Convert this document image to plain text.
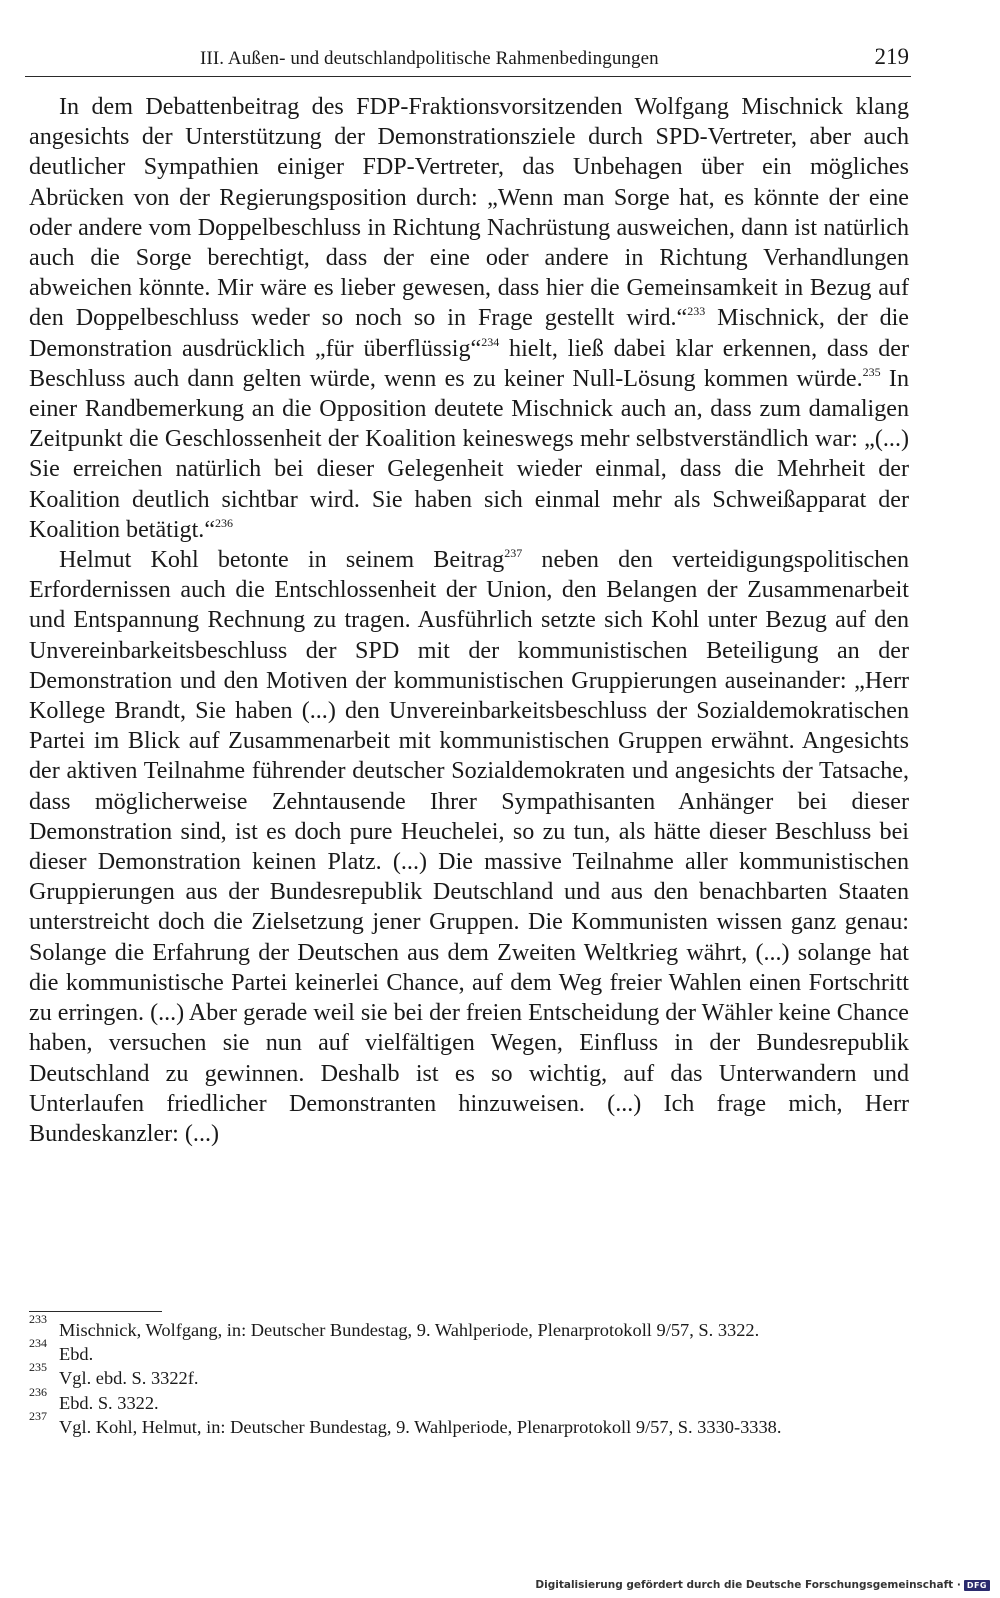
III. Außen- und deutschlandpolitische Rahmenbedingungen	219

In dem Debattenbeitrag des FDP-Fraktionsvorsitzenden Wolfgang Mischnick klang angesichts der Unterstützung der Demonstrationsziele durch SPD-Vertreter, aber auch deutlicher Sympathien einiger FDP-Vertreter, das Unbehagen über ein mögliches Abrücken von der Regierungsposition durch: „Wenn man Sorge hat, es könnte der eine oder andere vom Doppelbeschluss in Richtung Nachrüstung ausweichen, dann ist natürlich auch die Sorge berechtigt, dass der eine oder andere in Richtung Verhandlungen abweichen könnte. Mir wäre es lieber gewesen, dass hier die Gemeinsamkeit in Bezug auf den Doppelbeschluss weder so noch so in Frage gestellt wird.“$^{233}$ Mischnick, der die Demonstration ausdrücklich „für überflüssig“$^{234}$ hielt, ließ dabei klar erkennen, dass der Beschluss auch dann gelten würde, wenn es zu keiner Null-Lösung kommen würde.$^{235}$ In einer Randbemerkung an die Opposition deutete Mischnick auch an, dass zum damaligen Zeitpunkt die Geschlossenheit der Koalition keineswegs mehr selbstverständlich war: „(...) Sie erreichen natürlich bei dieser Gelegenheit wieder einmal, dass die Mehrheit der Koalition deutlich sichtbar wird. Sie haben sich einmal mehr als Schweißapparat der Koalition betätigt.“$^{236}$

Helmut Kohl betonte in seinem Beitrag$^{237}$ neben den verteidigungspolitischen Erfordernissen auch die Entschlossenheit der Union, den Belangen der Zusammenarbeit und Entspannung Rechnung zu tragen. Ausführlich setzte sich Kohl unter Bezug auf den Unvereinbarkeitsbeschluss der SPD mit der kommunistischen Beteiligung an der Demonstration und den Motiven der kommunistischen Gruppierungen auseinander: „Herr Kollege Brandt, Sie haben (...) den Unvereinbarkeitsbeschluss der Sozialdemokratischen Partei im Blick auf Zusammenarbeit mit kommunistischen Gruppen erwähnt. Angesichts der aktiven Teilnahme führender deutscher Sozialdemokraten und angesichts der Tatsache, dass möglicherweise Zehntausende Ihrer Sympathisanten Anhänger bei dieser Demonstration sind, ist es doch pure Heuchelei, so zu tun, als hätte dieser Beschluss bei dieser Demonstration keinen Platz. (...) Die massive Teilnahme aller kommunistischen Gruppierungen aus der Bundesrepublik Deutschland und aus den benachbarten Staaten unterstreicht doch die Zielsetzung jener Gruppen. Die Kommunisten wissen ganz genau: Solange die Erfahrung der Deutschen aus dem Zweiten Weltkrieg währt, (...) solange hat die kommunistische Partei keinerlei Chance, auf dem Weg freier Wahlen einen Fortschritt zu erringen. (...) Aber gerade weil sie bei der freien Entscheidung der Wähler keine Chance haben, versuchen sie nun auf vielfältigen Wegen, Einfluss in der Bundesrepublik Deutschland zu gewinnen. Deshalb ist es so wichtig, auf das Unterwandern und Unterlaufen friedlicher Demonstranten hinzuweisen. (...) Ich frage mich, Herr Bundeskanzler: (...)

233
Mischnick, Wolfgang, in: Deutscher Bundestag, 9. Wahlperiode, Plenarprotokoll 9/57, S. 3322.
234
Ebd.
235
Vgl. ebd. S. 3322f.
236
Ebd. S. 3322.
237
Vgl. Kohl, Helmut, in: Deutscher Bundestag, 9. Wahlperiode, Plenarprotokoll 9/57, S. 3330-3338.
Digitalisierung gefördert durch die Deutsche Forschungsgemeinschaft · DFG
